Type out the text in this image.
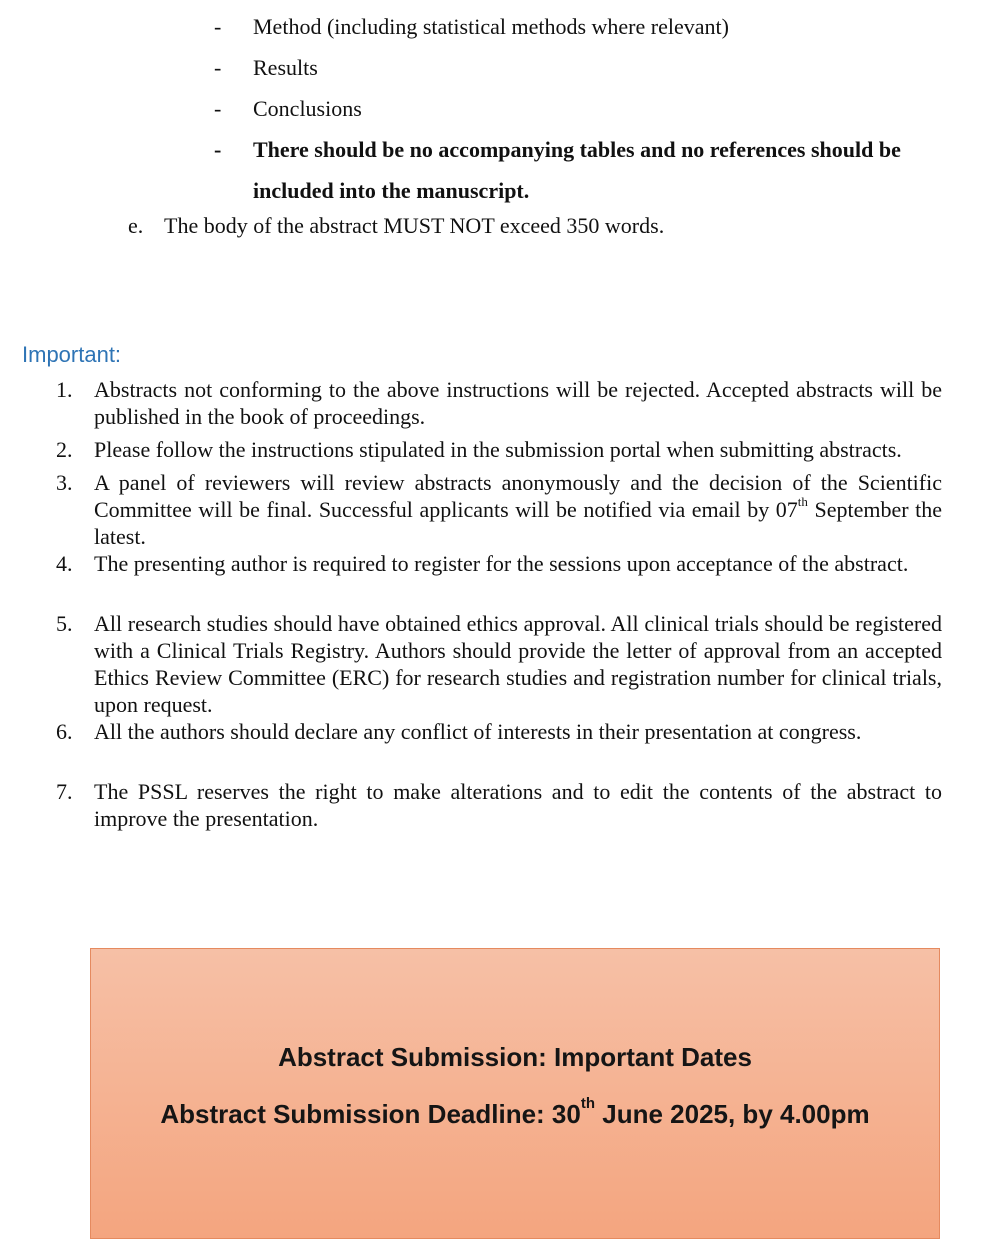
- Method (including statistical methods where relevant)
- Results
- Conclusions
- There should be no accompanying tables and no references should be included into the manuscript.
e. The body of the abstract MUST NOT exceed 350 words.
Important:
1. Abstracts not conforming to the above instructions will be rejected. Accepted abstracts will be published in the book of proceedings.
2. Please follow the instructions stipulated in the submission portal when submitting abstracts.
3. A panel of reviewers will review abstracts anonymously and the decision of the Scientific Committee will be final. Successful applicants will be notified via email by 07th September the latest.
4. The presenting author is required to register for the sessions upon acceptance of the abstract.
5. All research studies should have obtained ethics approval. All clinical trials should be registered with a Clinical Trials Registry. Authors should provide the letter of approval from an accepted Ethics Review Committee (ERC) for research studies and registration number for clinical trials, upon request.
6. All the authors should declare any conflict of interests in their presentation at congress.
7. The PSSL reserves the right to make alterations and to edit the contents of the abstract to improve the presentation.
Abstract Submission: Important Dates
Abstract Submission Deadline: 30th June 2025, by 4.00pm
